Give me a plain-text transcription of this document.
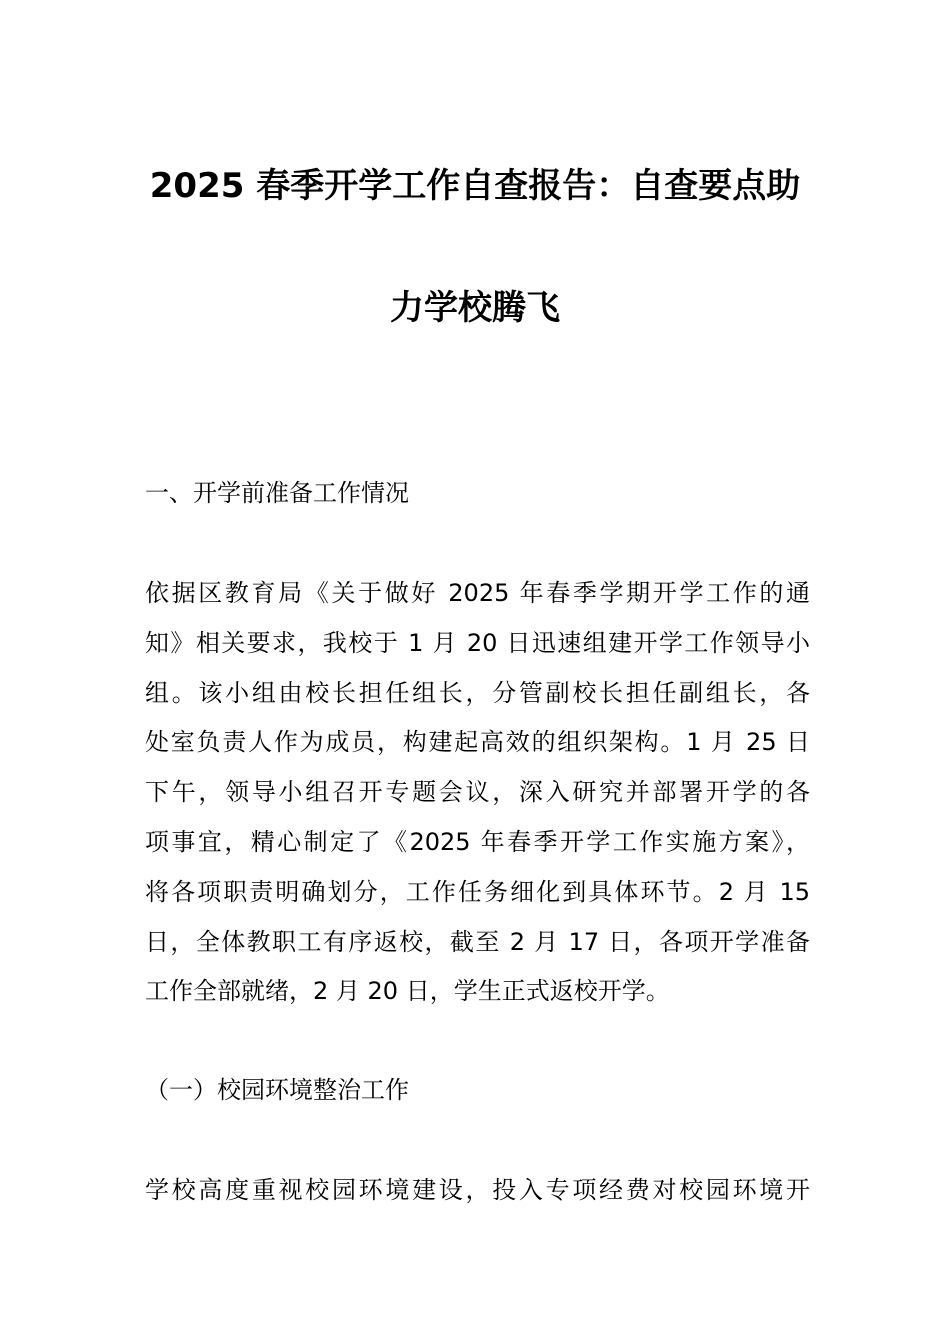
2025 春季开学工作自查报告：自查要点助
力学校腾飞
一、开学前准备工作情况
依据区教育局《关于做好 2025 年春季学期开学工作的通
知》相关要求，我校于 1 月 20 日迅速组建开学工作领导小
组。该小组由校长担任组长，分管副校长担任副组长，各
处室负责人作为成员，构建起高效的组织架构。1 月 25 日
下午，领导小组召开专题会议，深入研究并部署开学的各
项事宜，精心制定了《2025 年春季开学工作实施方案》，
将各项职责明确划分，工作任务细化到具体环节。2 月 15
日，全体教职工有序返校，截至 2 月 17 日，各项开学准备
工作全部就绪，2 月 20 日，学生正式返校开学。
（一）校园环境整治工作
学校高度重视校园环境建设，投入专项经费对校园环境开
